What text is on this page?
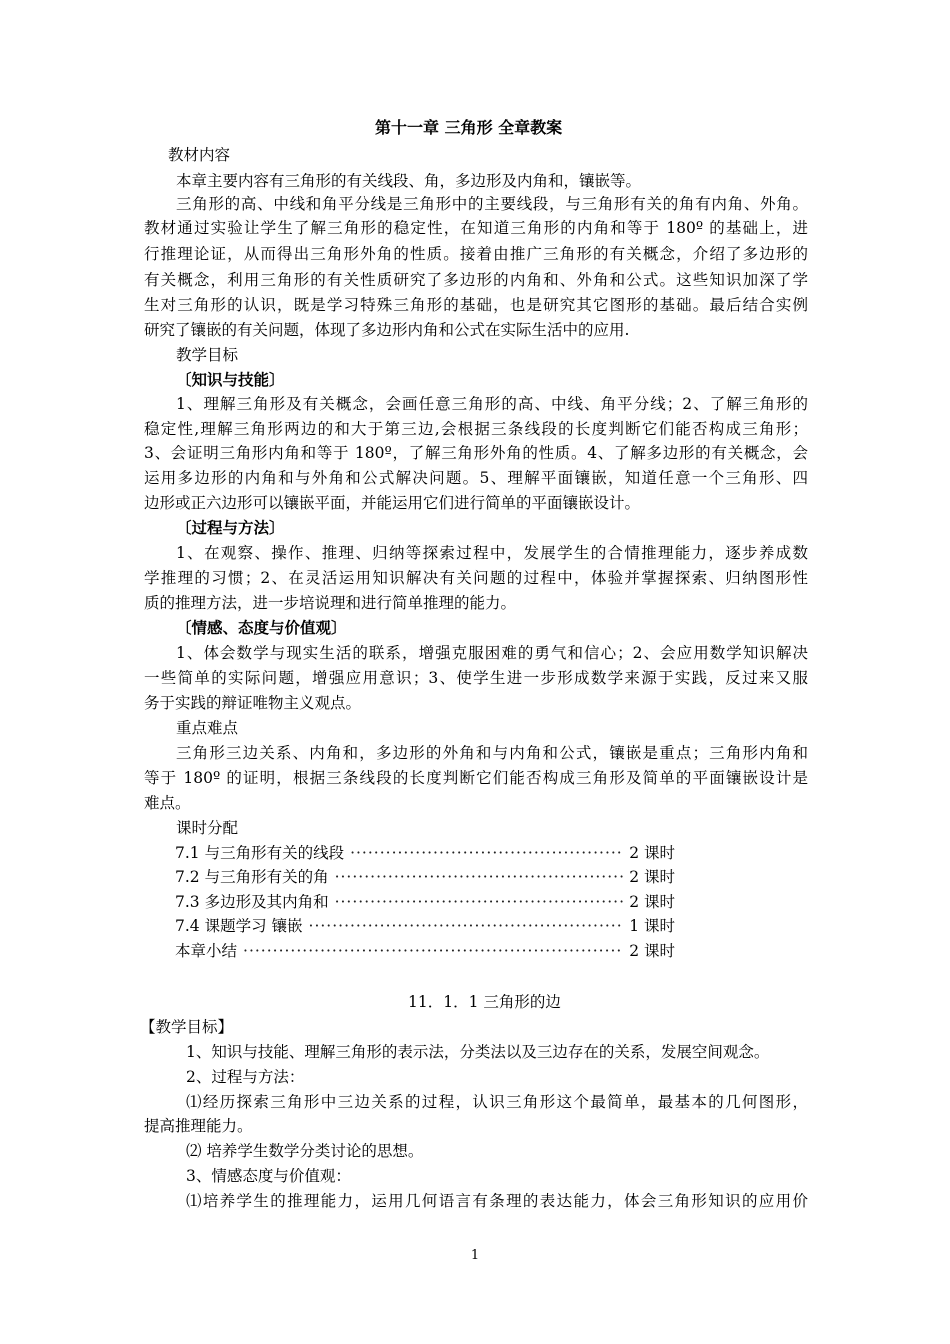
第十一章 三角形 全章教案
教材内容
本章主要内容有三角形的有关线段、角，多边形及内角和，镶嵌等。
三角形的高、中线和角平分线是三角形中的主要线段，与三角形有关的角有内角、外角。
教材通过实验让学生了解三角形的稳定性，在知道三角形的内角和等于 180º 的基础上，进
行推理论证，从而得出三角形外角的性质。接着由推广三角形的有关概念，介绍了多边形的
有关概念，利用三角形的有关性质研究了多边形的内角和、外角和公式。这些知识加深了学
生对三角形的认识，既是学习特殊三角形的基础，也是研究其它图形的基础。最后结合实例
研究了镶嵌的有关问题，体现了多边形内角和公式在实际生活中的应用.
教学目标
〔知识与技能〕
1、理解三角形及有关概念，会画任意三角形的高、中线、角平分线；2、了解三角形的
稳定性,理解三角形两边的和大于第三边,会根据三条线段的长度判断它们能否构成三角形；
3、会证明三角形内角和等于 180º，了解三角形外角的性质。4、了解多边形的有关概念，会
运用多边形的内角和与外角和公式解决问题。5、理解平面镶嵌，知道任意一个三角形、四
边形或正六边形可以镶嵌平面，并能运用它们进行简单的平面镶嵌设计。
〔过程与方法〕
1、在观察、操作、推理、归纳等探索过程中，发展学生的合情推理能力，逐步养成数
学推理的习惯；2、在灵活运用知识解决有关问题的过程中，体验并掌握探索、归纳图形性
质的推理方法，进一步培说理和进行简单推理的能力。
〔情感、态度与价值观〕
1、体会数学与现实生活的联系，增强克服困难的勇气和信心；2、会应用数学知识解决
一些简单的实际问题，增强应用意识；3、使学生进一步形成数学来源于实践，反过来又服
务于实践的辩证唯物主义观点。
重点难点
三角形三边关系、内角和，多边形的外角和与内角和公式，镶嵌是重点；三角形内角和
等于 180º 的证明，根据三条线段的长度判断它们能否构成三角形及简单的平面镶嵌设计是
难点。
课时分配
7.1 与三角形有关的线段 ·····	2 课时
7.2 与三角形有关的角 ·····	2 课时
7.3 多边形及其内角和 ·····	2 课时
7.4 课题学习 镶嵌 ·····	1 课时
本章小结 ·····	2 课时
11．1．1 三角形的边
【教学目标】
1、知识与技能、理解三角形的表示法，分类法以及三边存在的关系，发展空间观念。
2、过程与方法：
⑴经历探索三角形中三边关系的过程，认识三角形这个最简单，最基本的几何图形，
提高推理能力。
⑵ 培养学生数学分类讨论的思想。
3、情感态度与价值观：
⑴培养学生的推理能力，运用几何语言有条理的表达能力，体会三角形知识的应用价
1
